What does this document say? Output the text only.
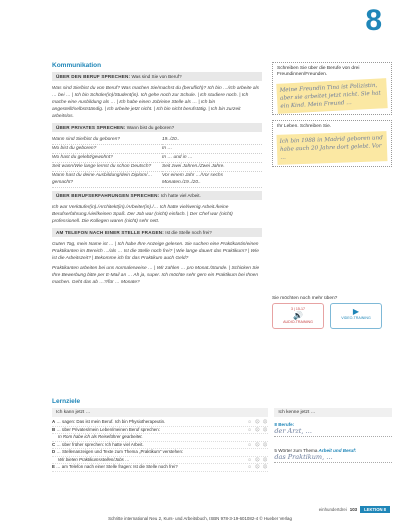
8
Kommunikation
ÜBER DEN BERUF SPRECHEN: Was sind Sie von Beruf?
Was sind Sie/bist du von Beruf? Was machen Sie/machst du (beruflich)? Ich bin …/Ich arbeite als … bei … | Ich bin Schüler(in)/Student(in). Ich gehe noch zur Schule. | Ich studiere noch. | Ich mache eine Ausbildung als … | Ich habe einen Job/eine Stelle als … | Ich bin angestellt/selbstständig. | Ich arbeite jetzt nicht. | Ich bin nicht berufstätig. | Ich bin zurzeit arbeitslos.
ÜBER PRIVATES SPRECHEN: Wann bist du geboren?
Wann sind Sie/bist du geboren?	19../20..
Wo bist du geboren?	In …
Wo hast du gelebt/gewohnt?	In … und in …
Seit wann/Wie lange lernst du schon Deutsch?	Seit zwei Jahren./Zwei Jahre.
Wann hast du deine Ausbildung/dein Diplom/… gemacht?
Vor einem Jahr …/Vor sechs Monaten./19../20..
ÜBER BERUFSERFAHRUNGEN SPRECHEN: Ich hatte viel Arbeit.
Ich war Verkäufer(in)./Architekt(in)./Arbeiter(in)./… Ich hatte viel/wenig Arbeit./keine Berufserfahrung./viel/keinen Spaß. Der Job war (nicht) einfach. | Der Chef war (nicht) professionell. Die Kollegen waren (nicht) sehr nett.
AM TELEFON NACH EINER STELLE FRAGEN: Ist die Stelle noch frei?
Guten Tag, mein Name ist … | Ich habe Ihre Anzeige gelesen. Sie suchen eine Praktikantin/einen Praktikanten im Bereich …/als … Ist die Stelle noch frei? | Wie lange dauert das Praktikum? | Wie ist die Arbeitszeit? | Bekomme ich für das Praktikum auch Geld?
Praktikanten arbeiten bei uns normalerweise … | Wir zahlen … pro Monat./Stunde. | Schicken Sie Ihre Bewerbung bitte per E-Mail an … Ah ja, super. Ich möchte sehr gern ein Praktikum bei Ihnen machen. Geht das ab …?/für … Monate?
Schreiben Sie über die Berufe von drei Freundinnen/Freunden.
Meine Freundin Tina ist Polizistin, aber sie arbeitet jetzt nicht. Sie hat ein Kind. Mein Freund …
Ihr Leben. Schreiben Sie.
Ich bin 1988 in Madrid geboren und habe auch 20 Jahre dort gelebt. Vor …
Sie möchten noch mehr üben?
3 | 15-17
🔊
AUDIO-TRAINING
▶
VIDEO-TRAINING
Lernziele
Ich kann jetzt …	Ich kenne jetzt …
A … sagen: Das ist mein Beruf. Ich bin Physiotherapeutin.	☺ ☹ ☹
B … über Privates/mein Leben/meinen Beruf sprechen:	☺ ☹ ☹
In Rom habe ich als Reiseführer gearbeitet.
C … über früher sprechen: Ich hatte viel Arbeit.	☺ ☹ ☹
D … Stellenanzeigen und Texte zum Thema „Praktikum“ verstehen:
Wir bieten Praktikumsstellen/Jobs …	☺ ☹ ☹
E … am Telefon nach einer Stelle fragen: Ist die Stelle noch frei?	☺ ☹ ☹
8 Berufe:
der Arzt, …
5 Wörter zum Thema Arbeit und Beruf:
das Praktikum, …
einhundertdrei 103	LEKTION 8
Schritte international Neu 2, Kurs- und Arbeitsbuch, ISBN 978-3-19-601082-4 © Hueber Verlag
